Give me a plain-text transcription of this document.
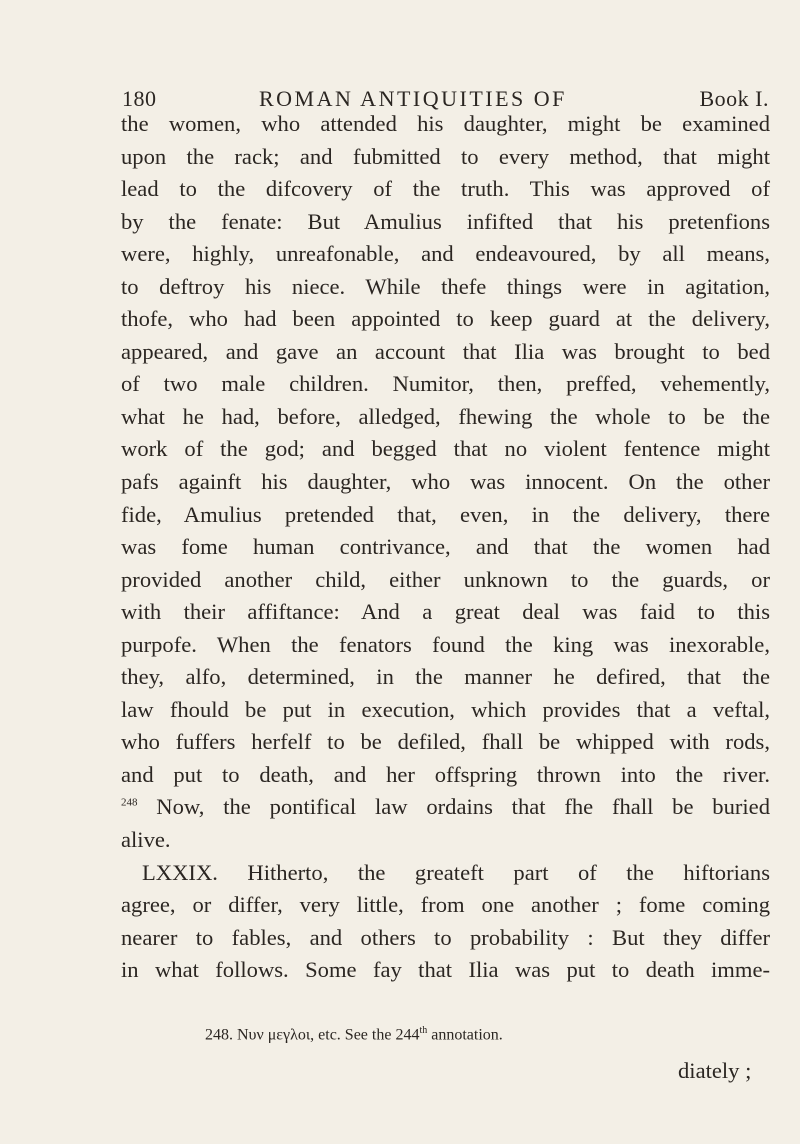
180	ROMAN ANTIQUITIES OF	Book I.
the women, who attended his daughter, might be examined
upon the rack; and fubmitted to every method, that might
lead to the difcovery of the truth. This was approved of
by the fenate: But Amulius infifted that his pretenfions
were, highly, unreafonable, and endeavoured, by all means,
to deftroy his niece. While thefe things were in agitation,
thofe, who had been appointed to keep guard at the delivery,
appeared, and gave an account that Ilia was brought to bed
of two male children. Numitor, then, preffed, vehemently,
what he had, before, alledged, fhewing the whole to be the
work of the god; and begged that no violent fentence might
pafs againft his daughter, who was innocent. On the other
fide, Amulius pretended that, even, in the delivery, there
was fome human contrivance, and that the women had
provided another child, either unknown to the guards, or
with their affiftance: And a great deal was faid to this
purpofe. When the fenators found the king was inexorable,
they, alfo, determined, in the manner he defired, that the
law fhould be put in execution, which provides that a veftal,
who fuffers herfelf to be defiled, fhall be whipped with rods,
and put to death, and her offspring thrown into the river.
$^{248}$ Now, the pontifical law ordains that fhe fhall be buried
alive.
LXXIX. Hitherto, the greateft part of the hiftorians
agree, or differ, very little, from one another ; fome coming
nearer to fables, and others to probability : But they differ
in what follows. Some fay that Ilia was put to death imme-
248. Nυν μεγλοι, etc. See the 244th annotation.
diately ;
